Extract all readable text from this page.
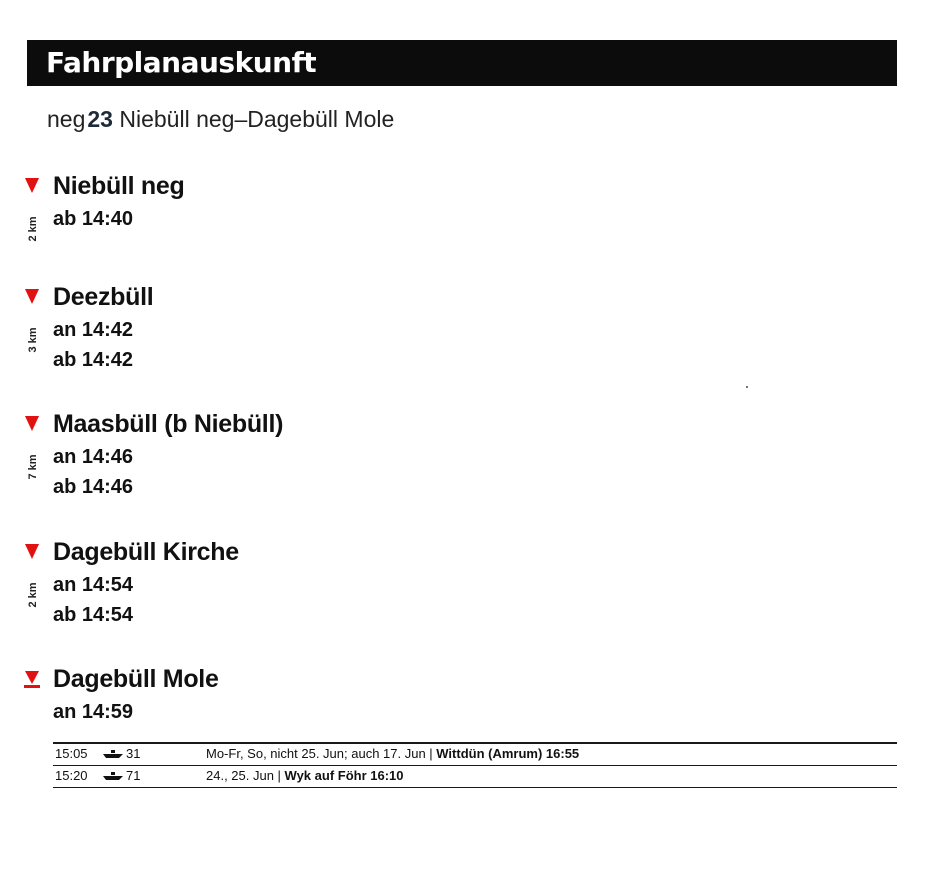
Fahrplanauskunft
neg23 Niebüll neg–Dagebüll Mole
Niebüll neg
ab 14:40
2 km
Deezbüll
an 14:42
ab 14:42
3 km
Maasbüll (b Niebüll)
an 14:46
ab 14:46
7 km
Dagebüll Kirche
an 14:54
ab 14:54
2 km
Dagebüll Mole
an 14:59
15:05	31	Mo-Fr, So, nicht 25. Jun; auch 17. Jun | Wittdün (Amrum) 16:55
15:20	71	24., 25. Jun | Wyk auf Föhr 16:10
